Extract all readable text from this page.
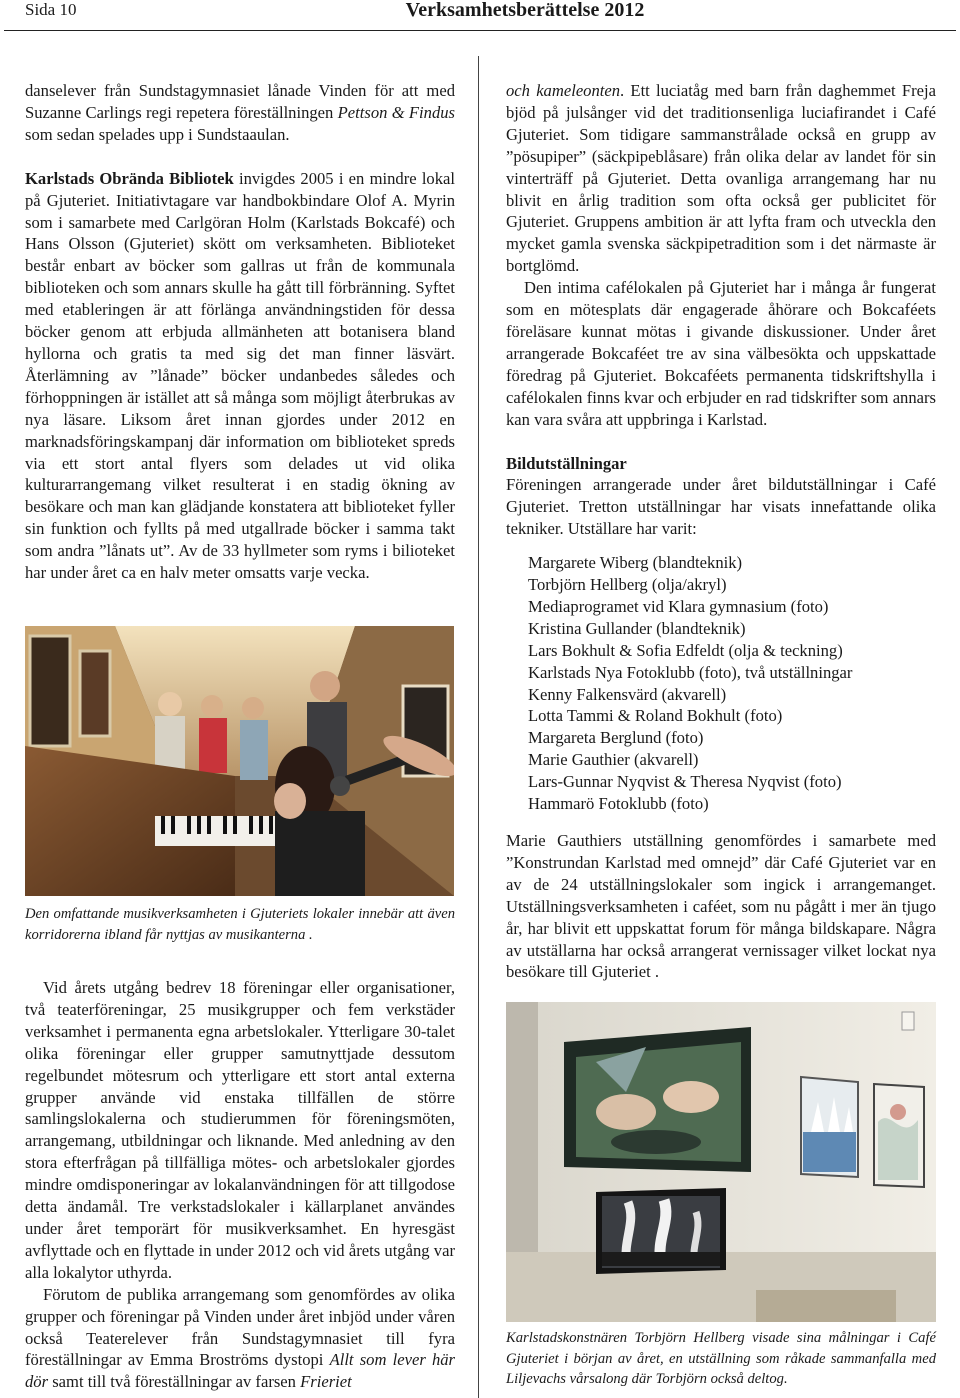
Sida 10	Verksamhetsberättelse 2012

danselever från Sundstagymnasiet lånade Vinden för att med Suzanne Carlings regi repetera föreställningen Pettson & Findus som sedan spelades upp i Sundstaaulan.

Karlstads Obrända Bibliotek invigdes 2005 i en mindre lokal på Gjuteriet. Initiativtagare var handbokbindare Olof A. Myrin som i samarbete med Carlgöran Holm (Karlstads Bokcafé) och Hans Olsson (Gjuteriet) skött om verksamheten. Biblioteket består enbart av böcker som gallras ut från de kommunala biblioteken och som annars skulle ha gått till förbränning. Syftet med etableringen är att förlänga användningstiden för dessa böcker genom att erbjuda allmänheten att botanisera bland hyllorna och gratis ta med sig det man finner läsvärt. Återlämning av ”lånade” böcker undanbedes således och förhoppningen är istället att så många som möjligt återbrukas av nya läsare. Liksom året innan gjordes under 2012 en marknadsföringskampanj där information om biblioteket spreds via ett stort antal flyers som delades ut vid olika kulturarrangemang vilket resulterat i en stadig ökning av besökare och man kan glädjande konstatera att biblioteket fyller sin funktion och fyllts på med utgallrade böcker i samma takt som andra ”lånats ut”. Av de 33 hyllmeter som ryms i bilioteket har under året ca en halv meter omsatts varje vecka.

Den omfattande musikverksamheten i Gjuteriets lokaler innebär att även korridorerna ibland får nyttjas av musikanterna .

Vid årets utgång bedrev 18 föreningar eller organisationer, två teaterföreningar, 25 musikgrupper och fem verkstäder verksamhet i permanenta egna arbetslokaler. Ytterligare 30-talet olika föreningar eller grupper samutnyttjade dessutom regelbundet mötesrum och ytterligare ett stort antal externa grupper använde vid enstaka tillfällen de större samlingslokalerna och studierummen för föreningsmöten, arrangemang, utbildningar och liknande. Med anledning av den stora efterfrågan på tillfälliga mötes- och arbetslokaler gjordes mindre omdisponeringar av lokalanvändningen för att tillgodose detta ändamål. Tre verkstadslokaler i källarplanet användes under året temporärt för musikverksamhet. En hyresgäst avflyttade och en flyttade in under 2012 och vid årets utgång var alla lokalytor uthyrda.

Förutom de publika arrangemang som genomfördes av olika grupper och föreningar på Vinden under året inbjöd under våren också Teaterelever från Sundstagymnasiet till fyra föreställningar av Emma Broströms dystopi Allt som lever här dör samt till två föreställningar av farsen Frieriet

och kameleonten. Ett luciatåg med barn från daghemmet Freja bjöd på julsånger vid det traditionsenliga luciafirandet i Café Gjuteriet. Som tidigare sammanstrålade också en grupp av ”pösupiper” (säckpipeblåsare) från olika delar av landet för sin vinterträff på Gjuteriet. Detta ovanliga arrangemang har nu blivit en årlig tradition som ofta också ger publicitet för Gjuteriet. Gruppens ambition är att lyfta fram och utveckla den mycket gamla svenska säckpipetradition som i det närmaste är bortglömd.

Den intima cafélokalen på Gjuteriet har i många år fungerat som en mötesplats där engagerade åhörare och Bokcaféets föreläsare kunnat mötas i givande diskussioner. Under året arrangerade Bokcaféet tre av sina välbesökta och uppskattade föredrag på Gjuteriet. Bokcaféets permanenta tidskriftshylla i cafélokalen finns kvar och erbjuder en rad tidskrifter som annars kan vara svåra att uppbringa i Karlstad.

Bildutställningar

Föreningen arrangerade under året bildutställningar i Café Gjuteriet. Tretton utställningar har visats innefattande olika tekniker. Utställare har varit:

Margarete Wiberg (blandteknik)
Torbjörn Hellberg (olja/akryl)
Mediaprogramet vid Klara gymnasium (foto)
Kristina Gullander (blandteknik)
Lars Bokhult & Sofia Edfeldt (olja & teckning)
Karlstads Nya Fotoklubb (foto), två utställningar
Kenny Falkensvärd (akvarell)
Lotta Tammi & Roland Bokhult (foto)
Margareta Berglund (foto)
Marie Gauthier (akvarell)
Lars-Gunnar Nyqvist & Theresa Nyqvist (foto)
Hammarö Fotoklubb (foto)

Marie Gauthiers utställning genomfördes i samarbete med ”Konstrundan Karlstad med omnejd” där Café Gjuteriet var en av de 24 utställningslokaler som ingick i arrangemanget. Utställningsverksamheten i caféet, som nu pågått i mer än tjugo år, har blivit ett uppskattat forum för många bildskapare. Några av utställarna har också arrangerat vernissager vilket lockat nya besökare till Gjuteriet .

Karlstadskonstnären Torbjörn Hellberg visade sina målningar i Café Gjuteriet i början av året, en utställning som råkade sammanfalla med Liljevachs vårsalong där Torbjörn också deltog.
